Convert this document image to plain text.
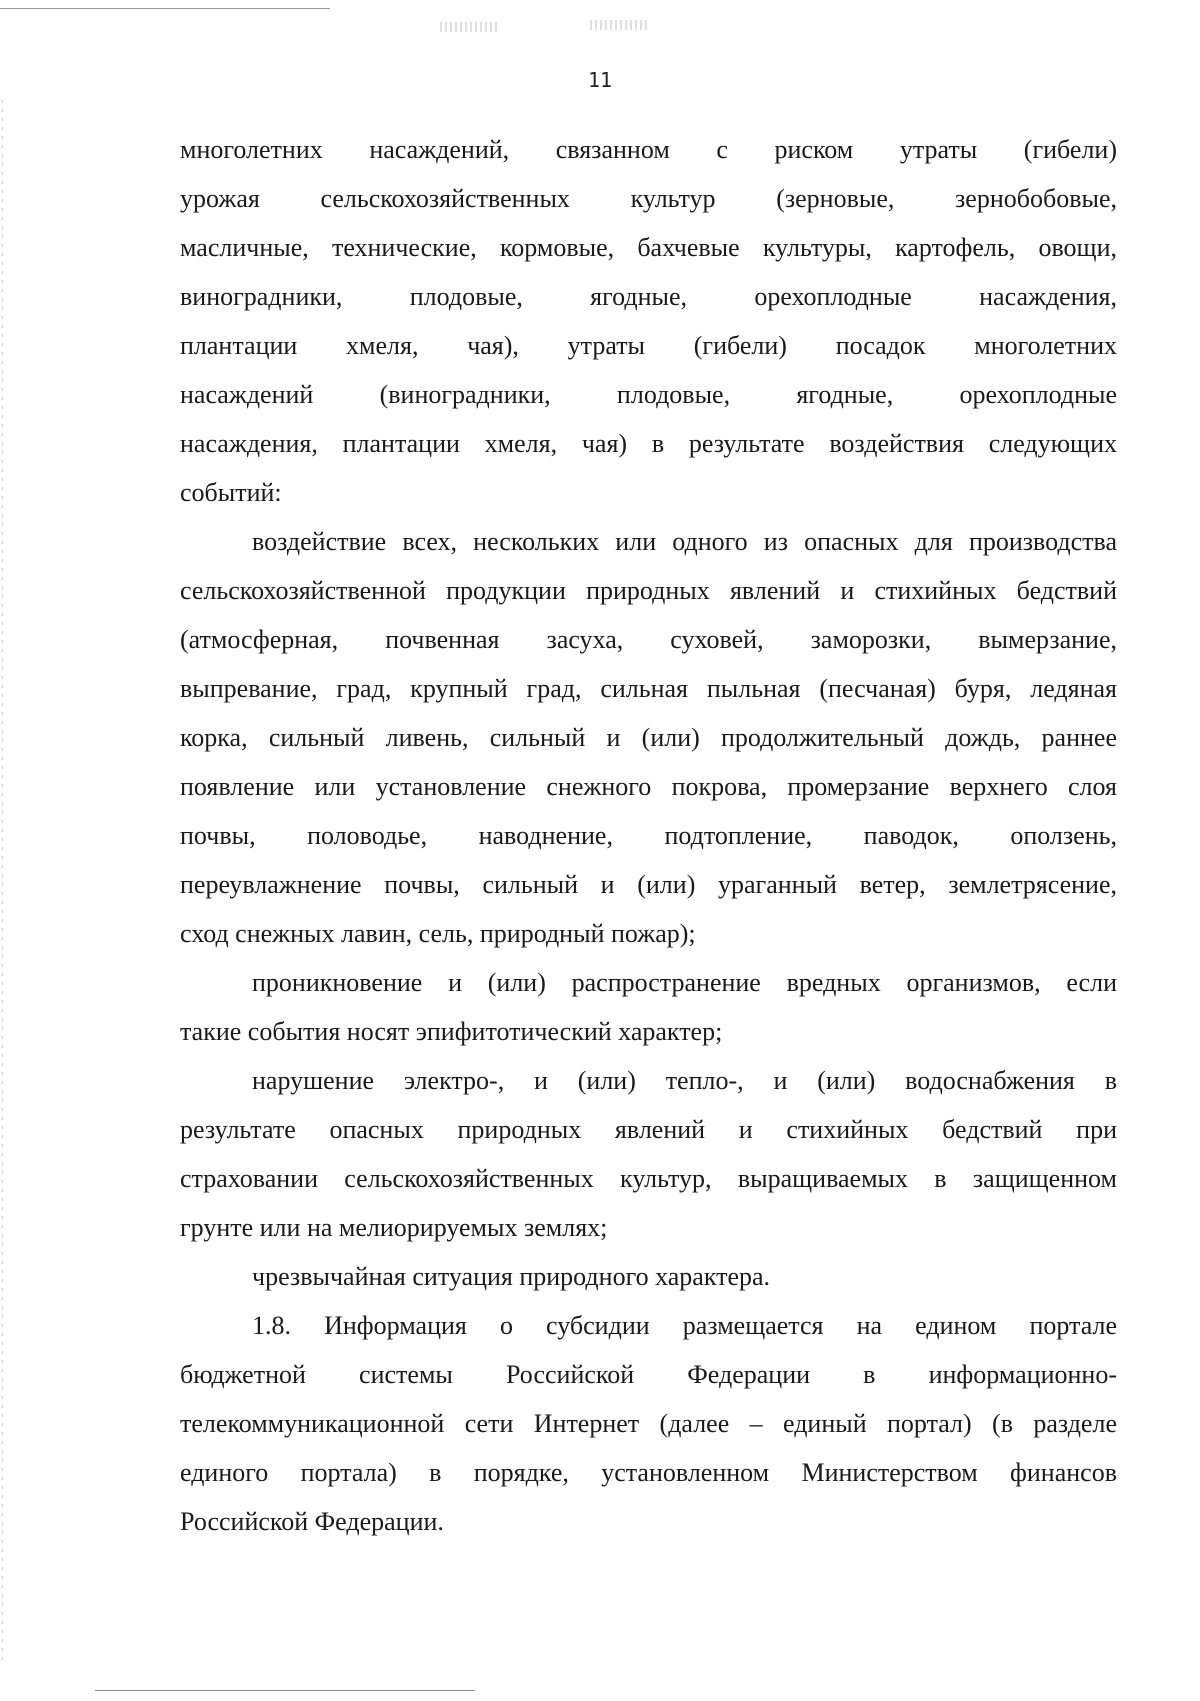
11
многолетних насаждений, связанном с риском утраты (гибели)
урожая сельскохозяйственных культур (зерновые, зернобобовые,
масличные, технические, кормовые, бахчевые культуры, картофель, овощи,
виноградники, плодовые, ягодные, орехоплодные насаждения,
плантации хмеля, чая), утраты (гибели) посадок многолетних
насаждений (виноградники, плодовые, ягодные, орехоплодные
насаждения, плантации хмеля, чая) в результате воздействия следующих
событий:
воздействие всех, нескольких или одного из опасных для производства
сельскохозяйственной продукции природных явлений и стихийных бедствий
(атмосферная, почвенная засуха, суховей, заморозки, вымерзание,
выпревание, град, крупный град, сильная пыльная (песчаная) буря, ледяная
корка, сильный ливень, сильный и (или) продолжительный дождь, раннее
появление или установление снежного покрова, промерзание верхнего слоя
почвы, половодье, наводнение, подтопление, паводок, оползень,
переувлажнение почвы, сильный и (или) ураганный ветер, землетрясение,
сход снежных лавин, сель, природный пожар);
проникновение и (или) распространение вредных организмов, если
такие события носят эпифитотический характер;
нарушение электро-, и (или) тепло-, и (или) водоснабжения в
результате опасных природных явлений и стихийных бедствий при
страховании сельскохозяйственных культур, выращиваемых в защищенном
грунте или на мелиорируемых землях;
чрезвычайная ситуация природного характера.
1.8. Информация о субсидии размещается на едином портале
бюджетной системы Российской Федерации в информационно-
телекоммуникационной сети Интернет (далее – единый портал) (в разделе
единого портала) в порядке, установленном Министерством финансов
Российской Федерации.
